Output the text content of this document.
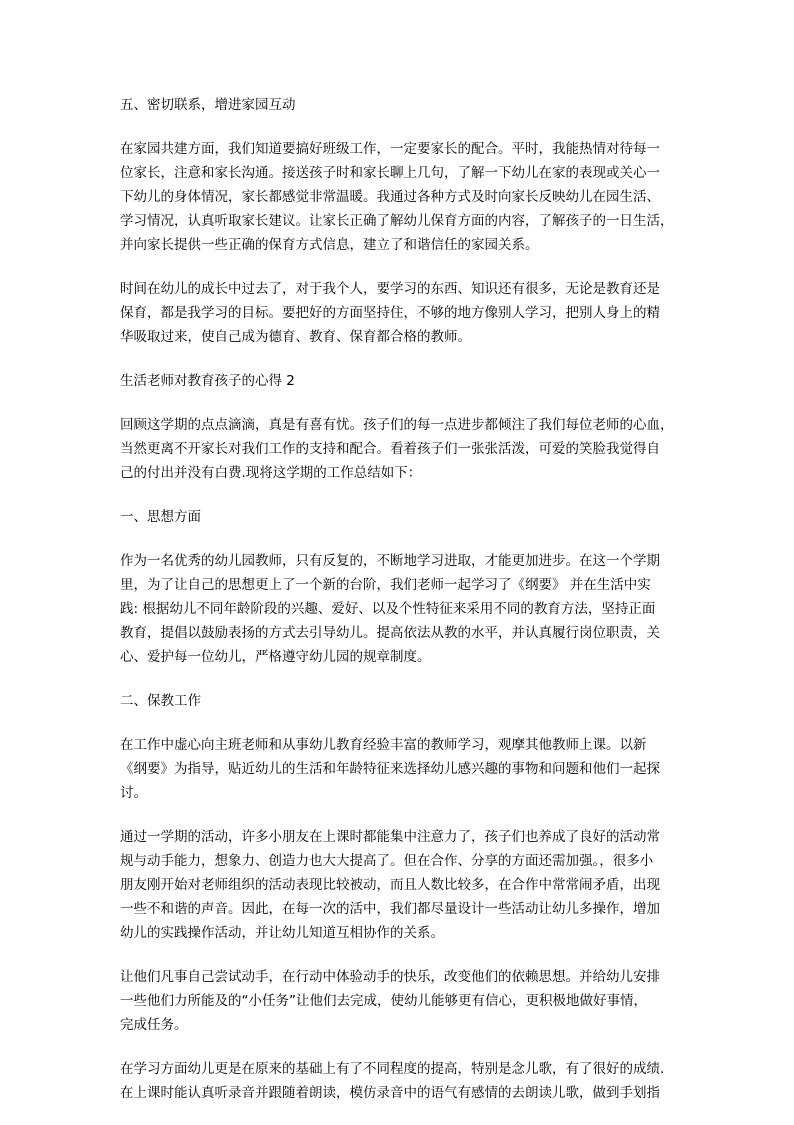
五、密切联系，增进家园互动
在家园共建方面，我们知道要搞好班级工作，一定要家长的配合。平时，我能热情对待每一
位家长，注意和家长沟通。接送孩子时和家长聊上几句，了解一下幼儿在家的表现或关心一
下幼儿的身体情况，家长都感觉非常温暖。我通过各种方式及时向家长反映幼儿在园生活、
学习情况，认真听取家长建议。让家长正确了解幼儿保育方面的内容，了解孩子的一日生活，
并向家长提供一些正确的保育方式信息，建立了和谐信任的家园关系。
时间在幼儿的成长中过去了，对于我个人，要学习的东西、知识还有很多，无论是教育还是
保育，都是我学习的目标。要把好的方面坚持住，不够的地方像别人学习，把别人身上的精
华吸取过来，使自己成为德育、教育、保育都合格的教师。
生活老师对教育孩子的心得 2
回顾这学期的点点滴滴，真是有喜有忧。孩子们的每一点进步都倾注了我们每位老师的心血，
当然更离不开家长对我们工作的支持和配合。看着孩子们一张张活泼，可爱的笑脸我觉得自
己的付出并没有白费.现将这学期的工作总结如下：
一、思想方面
作为一名优秀的幼儿园教师，只有反复的，不断地学习进取，才能更加进步。在这一个学期
里，为了让自己的思想更上了一个新的台阶，我们老师一起学习了《纲要》 并在生活中实
践: 根据幼儿不同年龄阶段的兴趣、爱好、以及个性特征来采用不同的教育方法，坚持正面
教育，提倡以鼓励表扬的方式去引导幼儿。提高依法从教的水平，并认真履行岗位职责，关
心、爱护每一位幼儿，严格遵守幼儿园的规章制度。
二、保教工作
在工作中虚心向主班老师和从事幼儿教育经验丰富的教师学习，观摩其他教师上课。以新
《纲要》为指导，贴近幼儿的生活和年龄特征来选择幼儿感兴趣的事物和问题和他们一起探
讨。
通过一学期的活动，许多小朋友在上课时都能集中注意力了，孩子们也养成了良好的活动常
规与动手能力，想象力、创造力也大大提高了。但在合作、分享的方面还需加强。，很多小
朋友刚开始对老师组织的活动表现比较被动，而且人数比较多，在合作中常常闹矛盾，出现
一些不和谐的声音。因此，在每一次的活中，我们都尽量设计一些活动让幼儿多操作，增加
幼儿的实践操作活动，并让幼儿知道互相协作的关系。
让他们凡事自己尝试动手，在行动中体验动手的快乐，改变他们的依赖思想。并给幼儿安排
一些他们力所能及的“小任务”让他们去完成，使幼儿能够更有信心，更积极地做好事情，
完成任务。
在学习方面幼儿更是在原来的基础上有了不同程度的提高，特别是念儿歌，有了很好的成绩.
在上课时能认真听录音并跟随着朗读，模仿录音中的语气有感情的去朗读儿歌，做到手划指
